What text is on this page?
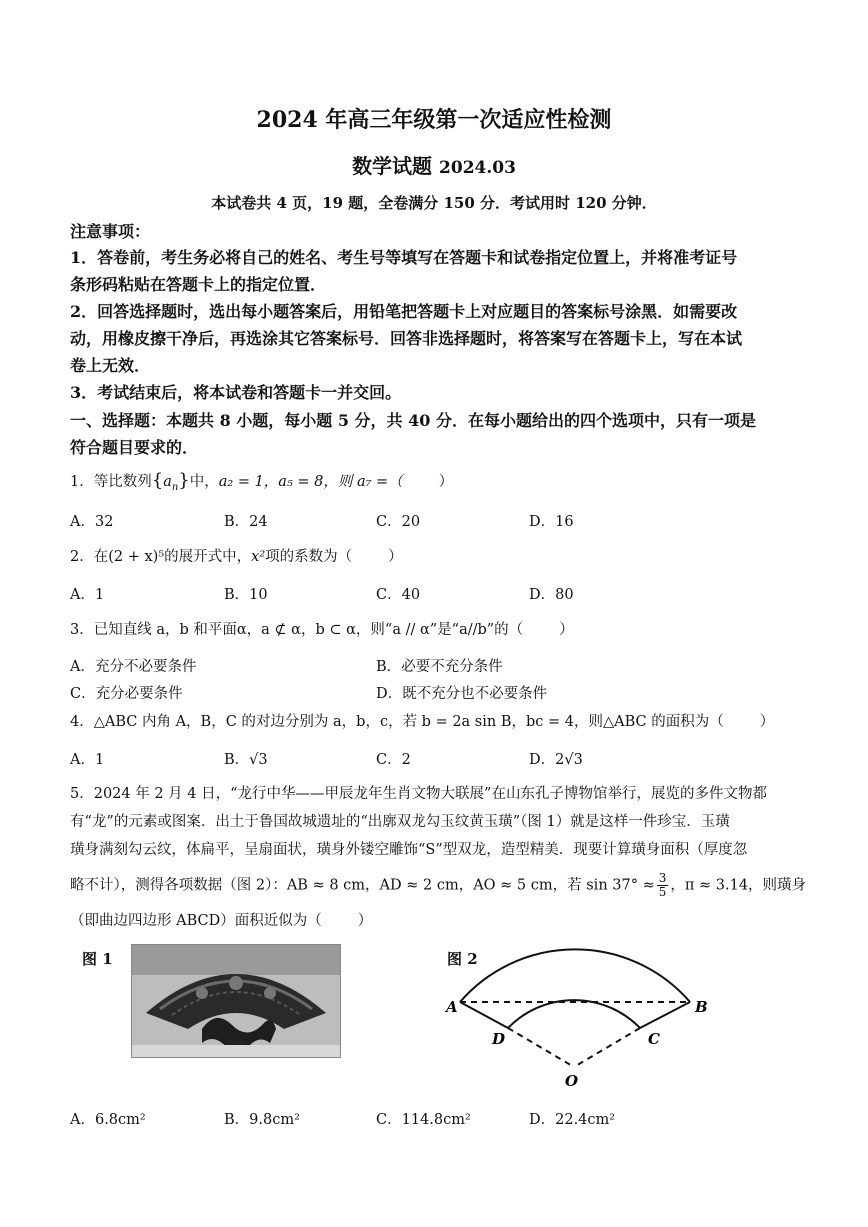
2024 年高三年级第一次适应性检测
数学试题 2024.03
本试卷共 4 页，19 题，全卷满分 150 分．考试用时 120 分钟．
注意事项：
1．答卷前，考生务必将自己的姓名、考生号等填写在答题卡和试卷指定位置上，并将准考证号
条形码粘贴在答题卡上的指定位置．
2．回答选择题时，选出每小题答案后，用铅笔把答题卡上对应题目的答案标号涂黑．如需要改
动，用橡皮擦干净后，再选涂其它答案标号．回答非选择题时，将答案写在答题卡上，写在本试
卷上无效．
3．考试结束后，将本试卷和答题卡一并交回。
一、选择题：本题共 8 小题，每小题 5 分，共 40 分．在每小题给出的四个选项中，只有一项是
符合题目要求的．
1．等比数列$\{a_n\}$中，a₂ = 1，a₅ = 8，则 a₇ =（ ）
A．32	B．24	C．20	D．16
2．在(2 + x)⁵的展开式中，x²项的系数为（ ）
A．1	B．10	C．40	D．80
3．已知直线 a，b 和平面α，a ⊄ α，b ⊂ α，则“a // α”是“a//b”的（ ）
A．充分不必要条件	B．必要不充分条件
C．充分必要条件	D．既不充分也不必要条件
4．△ABC 内角 A，B，C 的对边分别为 a，b，c，若 b = 2a sin B，bc = 4，则△ABC 的面积为（ ）
A．1	B．√3	C．2	D．2√3
5．2024 年 2 月 4 日，“龙行中华——甲辰龙年生肖文物大联展”在山东孔子博物馆举行，展览的多件文物都
有“龙”的元素或图案．出土于鲁国故城遗址的“出廓双龙勾玉纹黄玉璜”（图 1）就是这样一件珍宝．玉璜
璜身满刻勾云纹，体扁平，呈扇面状，璜身外镂空雕饰“S”型双龙，造型精美．现要计算璜身面积（厚度忽
略不计），测得各项数据（图 2）：AB ≈ 8 cm，AD ≈ 2 cm，AO ≈ 5 cm，若 $\sin 37^\circ \approx \frac{3}{5}$ ，π ≈ 3.14，则璜身
（即曲边四边形 ABCD）面积近似为（ ）
图 1	图 2
A	B
C
D
O
A．6.8cm²	B．9.8cm²	C．114.8cm²	D．22.4cm²
